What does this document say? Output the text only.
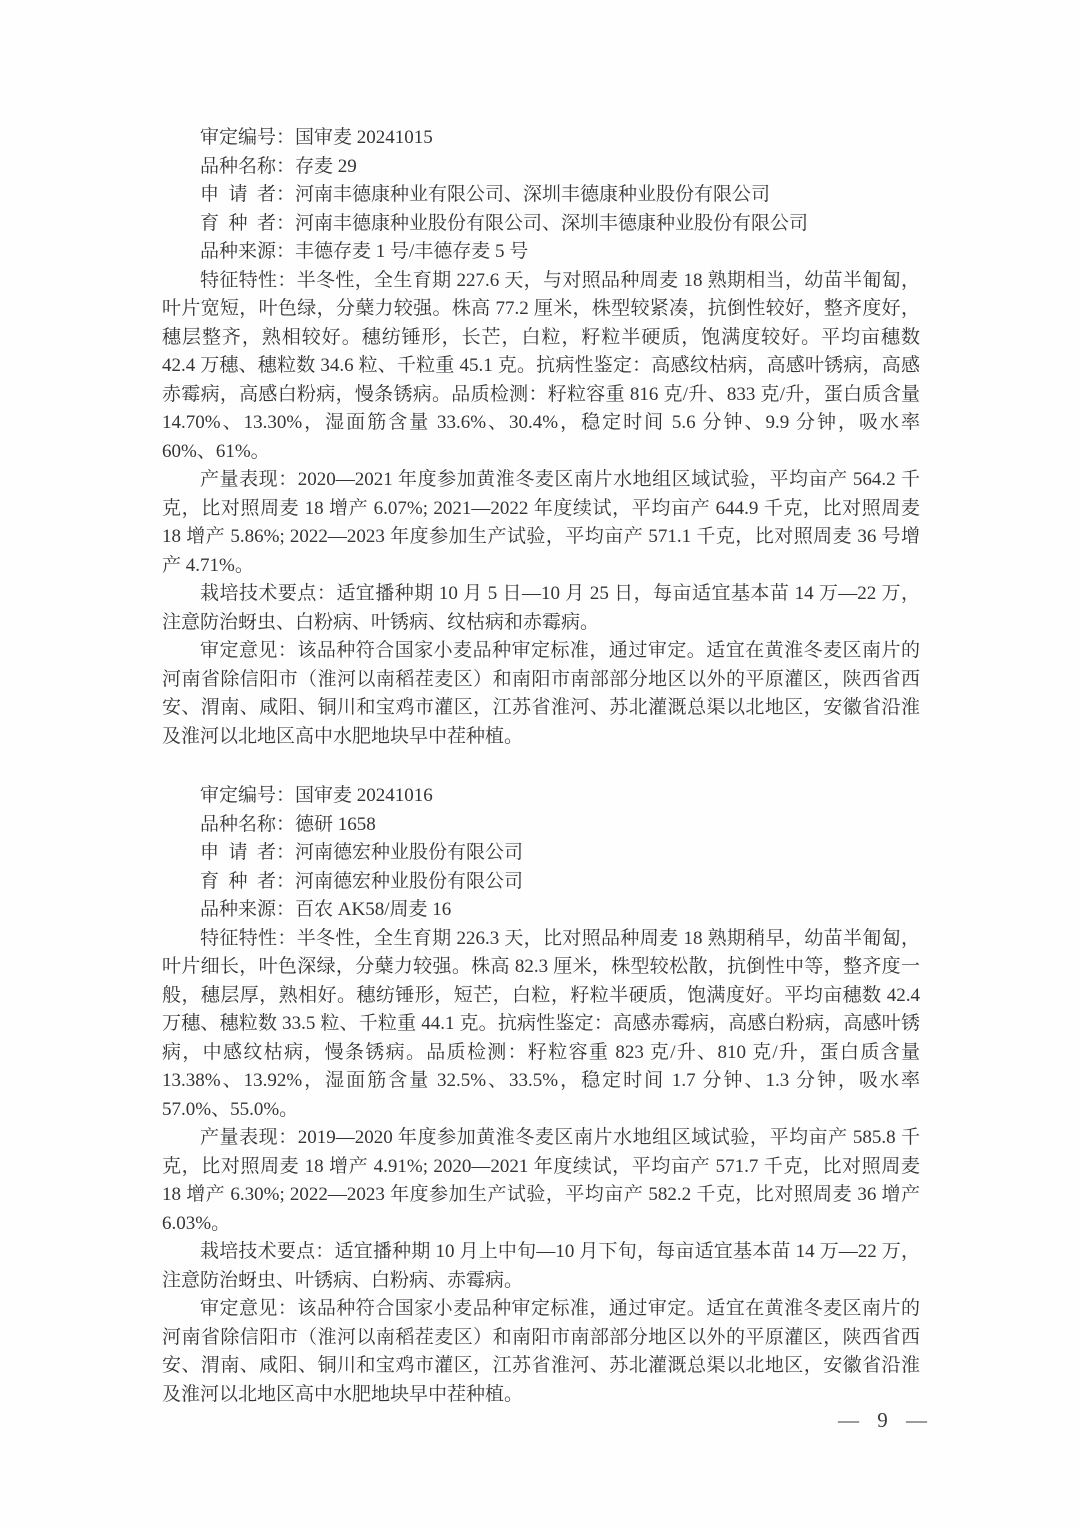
审定编号：国审麦 20241015
品种名称：存麦 29
申 请 者：河南丰德康种业有限公司、深圳丰德康种业股份有限公司
育 种 者：河南丰德康种业股份有限公司、深圳丰德康种业股份有限公司
品种来源：丰德存麦 1 号/丰德存麦 5 号

特征特性：半冬性，全生育期 227.6 天，与对照品种周麦 18 熟期相当，幼苗半匍匐，叶片宽短，叶色绿，分蘖力较强。株高 77.2 厘米，株型较紧凑，抗倒性较好，整齐度好，穗层整齐，熟相较好。穗纺锤形，长芒，白粒，籽粒半硬质，饱满度较好。平均亩穗数 42.4 万穗、穗粒数 34.6 粒、千粒重 45.1 克。抗病性鉴定：高感纹枯病，高感叶锈病，高感赤霉病，高感白粉病，慢条锈病。品质检测：籽粒容重 816 克/升、833 克/升，蛋白质含量 14.70%、13.30%，湿面筋含量 33.6%、30.4%，稳定时间 5.6 分钟、9.9 分钟，吸水率 60%、61%。

产量表现：2020—2021 年度参加黄淮冬麦区南片水地组区域试验，平均亩产 564.2 千克，比对照周麦 18 增产 6.07%; 2021—2022 年度续试，平均亩产 644.9 千克，比对照周麦 18 增产 5.86%; 2022—2023 年度参加生产试验，平均亩产 571.1 千克，比对照周麦 36 号增产 4.71%。

栽培技术要点：适宜播种期 10 月 5 日—10 月 25 日，每亩适宜基本苗 14 万—22 万，注意防治蚜虫、白粉病、叶锈病、纹枯病和赤霉病。

审定意见：该品种符合国家小麦品种审定标准，通过审定。适宜在黄淮冬麦区南片的河南省除信阳市（淮河以南稻茬麦区）和南阳市南部部分地区以外的平原灌区，陕西省西安、渭南、咸阳、铜川和宝鸡市灌区，江苏省淮河、苏北灌溉总渠以北地区，安徽省沿淮及淮河以北地区高中水肥地块早中茬种植。

审定编号：国审麦 20241016
品种名称：德研 1658
申 请 者：河南德宏种业股份有限公司
育 种 者：河南德宏种业股份有限公司
品种来源：百农 AK58/周麦 16

特征特性：半冬性，全生育期 226.3 天，比对照品种周麦 18 熟期稍早，幼苗半匍匐，叶片细长，叶色深绿，分蘖力较强。株高 82.3 厘米，株型较松散，抗倒性中等，整齐度一般，穗层厚，熟相好。穗纺锤形，短芒，白粒，籽粒半硬质，饱满度好。平均亩穗数 42.4 万穗、穗粒数 33.5 粒、千粒重 44.1 克。抗病性鉴定：高感赤霉病，高感白粉病，高感叶锈病，中感纹枯病，慢条锈病。品质检测：籽粒容重 823 克/升、810 克/升，蛋白质含量 13.38%、13.92%，湿面筋含量 32.5%、33.5%，稳定时间 1.7 分钟、1.3 分钟，吸水率 57.0%、55.0%。

产量表现：2019—2020 年度参加黄淮冬麦区南片水地组区域试验，平均亩产 585.8 千克，比对照周麦 18 增产 4.91%; 2020—2021 年度续试，平均亩产 571.7 千克，比对照周麦 18 增产 6.30%; 2022—2023 年度参加生产试验，平均亩产 582.2 千克，比对照周麦 36 增产 6.03%。

栽培技术要点：适宜播种期 10 月上中旬—10 月下旬，每亩适宜基本苗 14 万—22 万，注意防治蚜虫、叶锈病、白粉病、赤霉病。

审定意见：该品种符合国家小麦品种审定标准，通过审定。适宜在黄淮冬麦区南片的河南省除信阳市（淮河以南稻茬麦区）和南阳市南部部分地区以外的平原灌区，陕西省西安、渭南、咸阳、铜川和宝鸡市灌区，江苏省淮河、苏北灌溉总渠以北地区，安徽省沿淮及淮河以北地区高中水肥地块早中茬种植。

— 9 —
